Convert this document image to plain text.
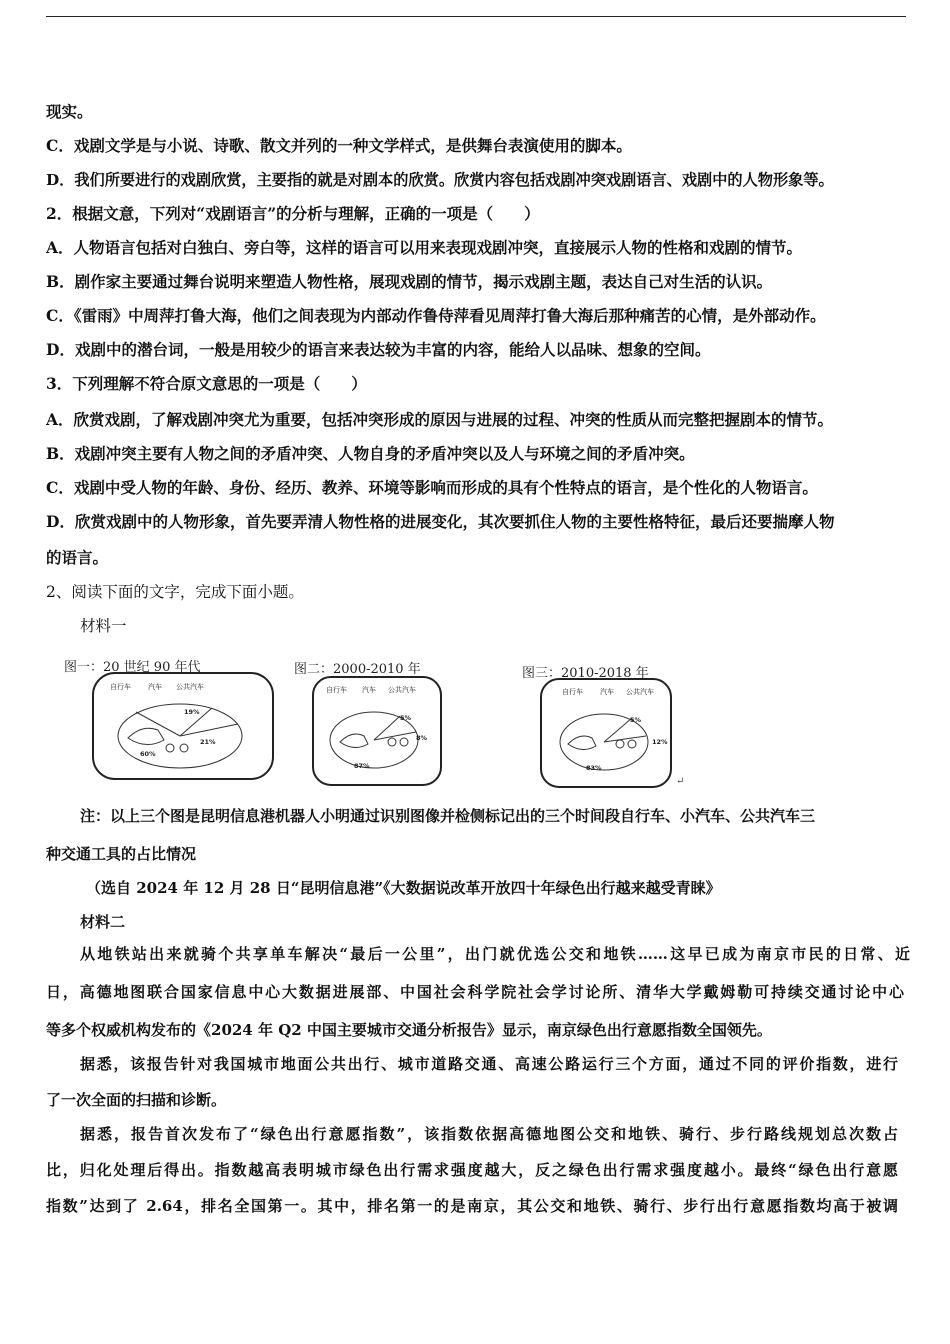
现实。
C．戏剧文学是与小说、诗歌、散文并列的一种文学样式，是供舞台表演使用的脚本。
D．我们所要进行的戏剧欣赏，主要指的就是对剧本的欣赏。欣赏内容包括戏剧冲突戏剧语言、戏剧中的人物形象等。
2．根据文意，下列对“戏剧语言”的分析与理解，正确的一项是（　　）
A．人物语言包括对白独白、旁白等，这样的语言可以用来表现戏剧冲突，直接展示人物的性格和戏剧的情节。
B．剧作家主要通过舞台说明来塑造人物性格，展现戏剧的情节，揭示戏剧主题，表达自己对生活的认识。
C．《雷雨》中周萍打鲁大海，他们之间表现为内部动作鲁侍萍看见周萍打鲁大海后那种痛苦的心情，是外部动作。
D．戏剧中的潜台词，一般是用较少的语言来表达较为丰富的内容，能给人以品味、想象的空间。
3．下列理解不符合原文意思的一项是（　　）
A．欣赏戏剧，了解戏剧冲突尤为重要，包括冲突形成的原因与进展的过程、冲突的性质从而完整把握剧本的情节。
B．戏剧冲突主要有人物之间的矛盾冲突、人物自身的矛盾冲突以及人与环境之间的矛盾冲突。
C．戏剧中受人物的年龄、身份、经历、教养、环境等影响而形成的具有个性特点的语言，是个性化的人物语言。
D．欣赏戏剧中的人物形象，首先要弄清人物性格的进展变化，其次要抓住人物的主要性格特征，最后还要揣摩人物
的语言。
2、阅读下面的文字，完成下面小题。
材料一
图一：20 世纪 90 年代
自行车 汽车 公共汽车
60%
19%
21%
图二：2000-2010 年
自行车 汽车 公共汽车
87%
5%
8%
图三：2010-2018 年
自行车 汽车 公共汽车
83%
5%
12%
↵
注：以上三个图是昆明信息港机器人小明通过识别图像并检侧标记出的三个时间段自行车、小汽车、公共汽车三
种交通工具的占比情况
（选自 2024 年 12 月 28 日“昆明信息港”《大数据说改革开放四十年绿色出行越来越受青睐》
材料二
从地铁站出来就骑个共享单车解决“最后一公里”，出门就优选公交和地铁……这早已成为南京市民的日常、近
日，高德地图联合国家信息中心大数据进展部、中国社会科学院社会学讨论所、清华大学戴姆勒可持续交通讨论中心
等多个权威机构发布的《2024 年 Q2 中国主要城市交通分析报告》显示，南京绿色出行意愿指数全国领先。
据悉，该报告针对我国城市地面公共出行、城市道路交通、高速公路运行三个方面，通过不同的评价指数，进行
了一次全面的扫描和诊断。
据悉，报告首次发布了“绿色出行意愿指数”，该指数依据高德地图公交和地铁、骑行、步行路线规划总次数占
比，归化处理后得出。指数越高表明城市绿色出行需求强度越大，反之绿色出行需求强度越小。最终“绿色出行意愿
指数”达到了 2.64，排名全国第一。其中，排名第一的是南京，其公交和地铁、骑行、步行出行意愿指数均高于被调
